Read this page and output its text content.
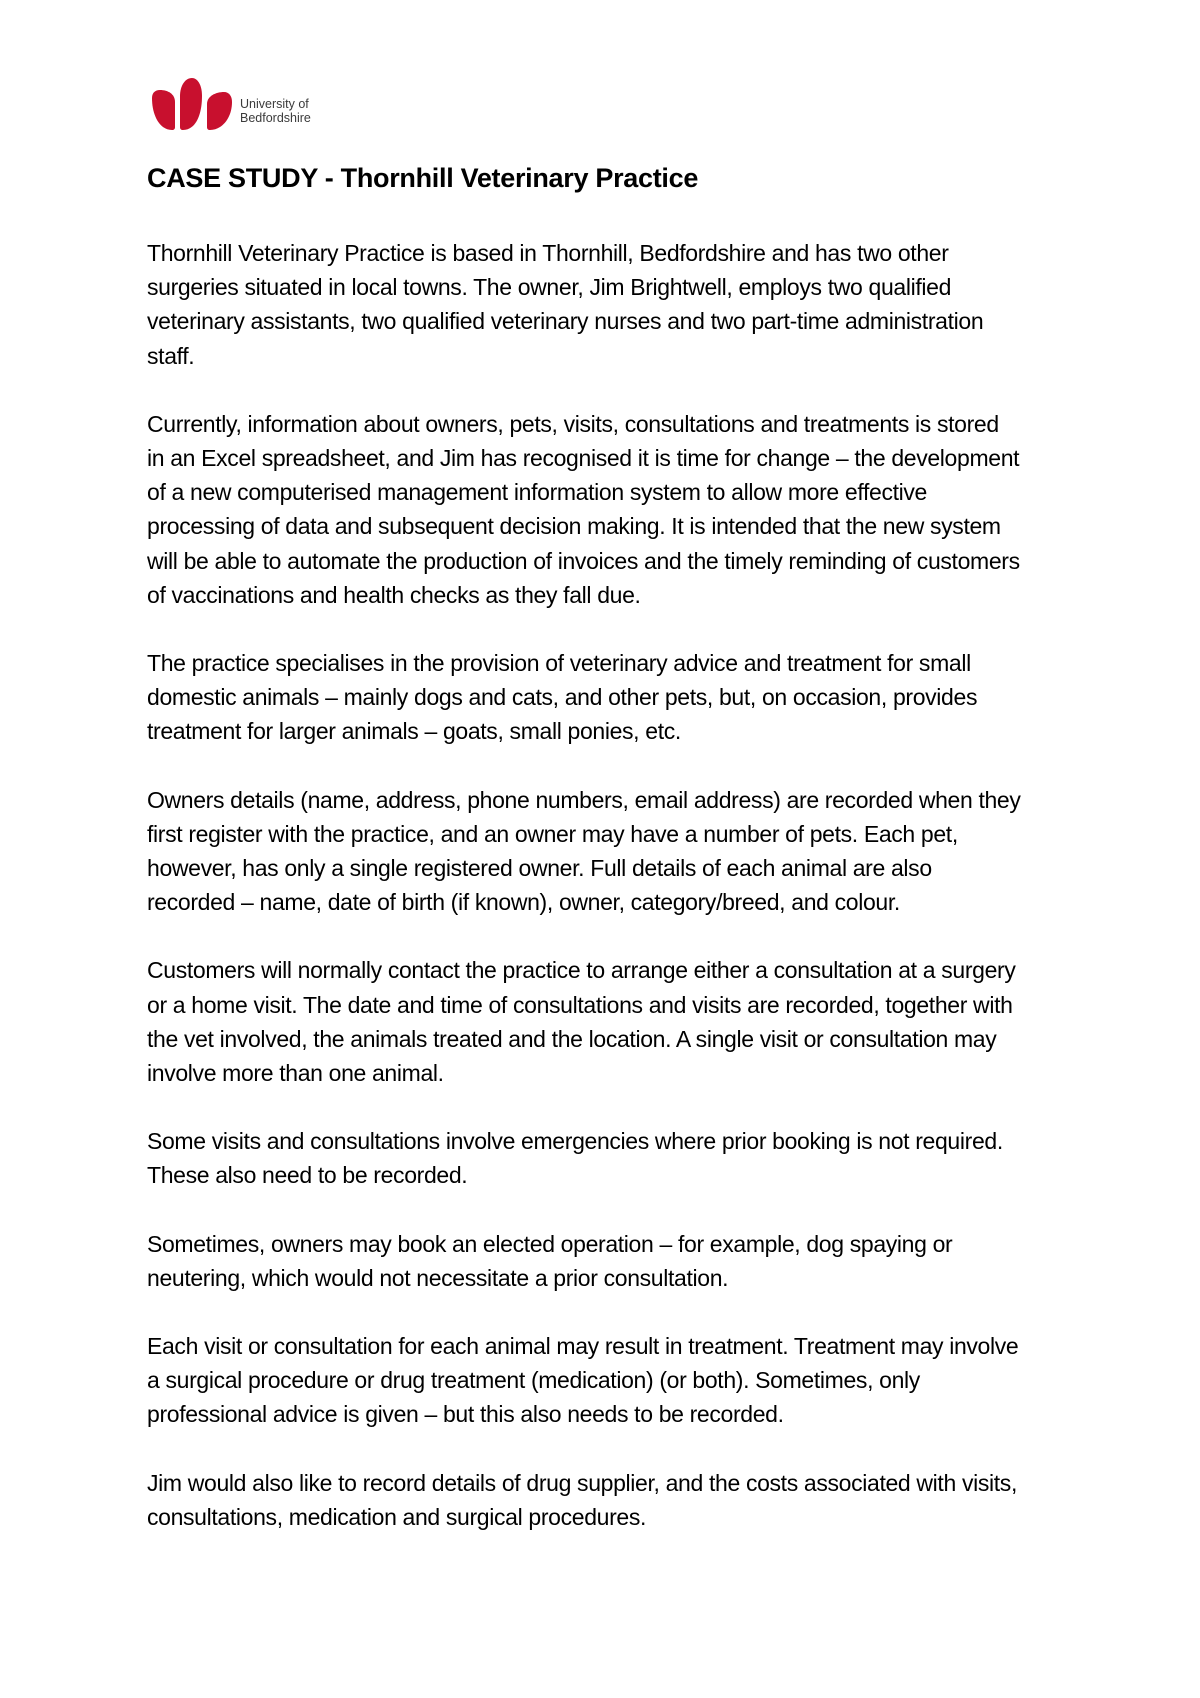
University of
Bedfordshire
CASE STUDY - Thornhill Veterinary Practice

Thornhill Veterinary Practice is based in Thornhill, Bedfordshire and has two other
surgeries situated in local towns. The owner, Jim Brightwell, employs two qualified
veterinary assistants, two qualified veterinary nurses and two part-time administration
staff.

Currently, information about owners, pets, visits, consultations and treatments is stored
in an Excel spreadsheet, and Jim has recognised it is time for change – the development
of a new computerised management information system to allow more effective
processing of data and subsequent decision making. It is intended that the new system
will be able to automate the production of invoices and the timely reminding of customers
of vaccinations and health checks as they fall due.

The practice specialises in the provision of veterinary advice and treatment for small
domestic animals – mainly dogs and cats, and other pets, but, on occasion, provides
treatment for larger animals – goats, small ponies, etc.

Owners details (name, address, phone numbers, email address) are recorded when they
first register with the practice, and an owner may have a number of pets. Each pet,
however, has only a single registered owner. Full details of each animal are also
recorded – name, date of birth (if known), owner, category/breed, and colour.

Customers will normally contact the practice to arrange either a consultation at a surgery
or a home visit. The date and time of consultations and visits are recorded, together with
the vet involved, the animals treated and the location. A single visit or consultation may
involve more than one animal.

Some visits and consultations involve emergencies where prior booking is not required.
These also need to be recorded.

Sometimes, owners may book an elected operation – for example, dog spaying or
neutering, which would not necessitate a prior consultation.

Each visit or consultation for each animal may result in treatment. Treatment may involve
a surgical procedure or drug treatment (medication) (or both). Sometimes, only
professional advice is given – but this also needs to be recorded.

Jim would also like to record details of drug supplier, and the costs associated with visits,
consultations, medication and surgical procedures.
